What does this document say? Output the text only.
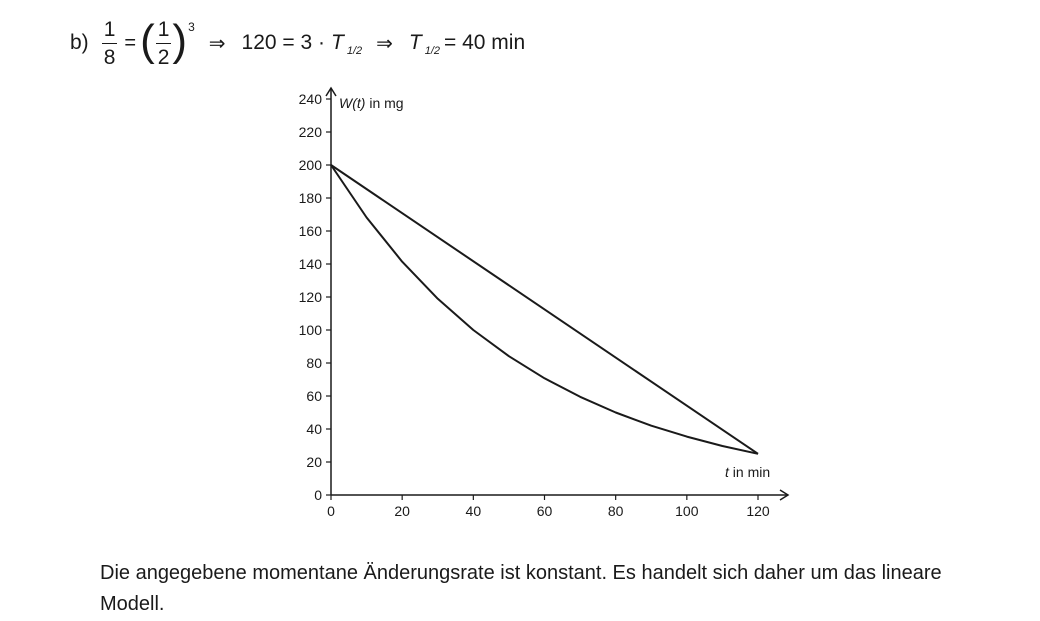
$b) \frac{1}{8}$ = ( $\frac{1}{2}$ ) 3
⇒ 120 = 3 · T 1/2 ⇒ T 1/2 = 40 min
0
20
40
60
80
100
120
140
160
180
200
220
240
0	20	40	60	80	100	120
W(t) in mg
t in min
Die angegebene momentane Änderungsrate ist konstant. Es handelt sich daher um das lineare Modell.
